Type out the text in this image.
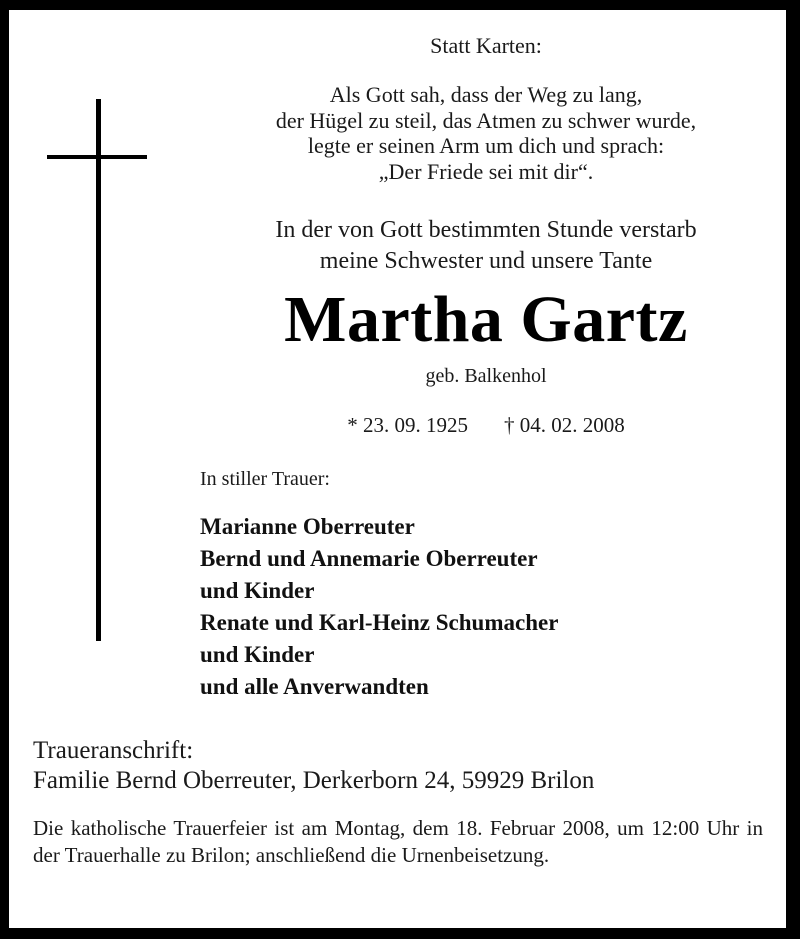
Statt Karten:
Als Gott sah, dass der Weg zu lang,
der Hügel zu steil, das Atmen zu schwer wurde,
legte er seinen Arm um dich und sprach:
„Der Friede sei mit dir“.
In der von Gott bestimmten Stunde verstarb
meine Schwester und unsere Tante
Martha Gartz
geb. Balkenhol
* 23. 09. 1925 † 04. 02. 2008
In stiller Trauer:
Marianne Oberreuter
Bernd und Annemarie Oberreuter
und Kinder
Renate und Karl-Heinz Schumacher
und Kinder
und alle Anverwandten
Traueranschrift:
Familie Bernd Oberreuter, Derkerborn 24, 59929 Brilon
Die katholische Trauerfeier ist am Montag, dem 18. Februar 2008, um 12:00 Uhr in der Trauerhalle zu Brilon; anschließend die Urnenbeisetzung.
